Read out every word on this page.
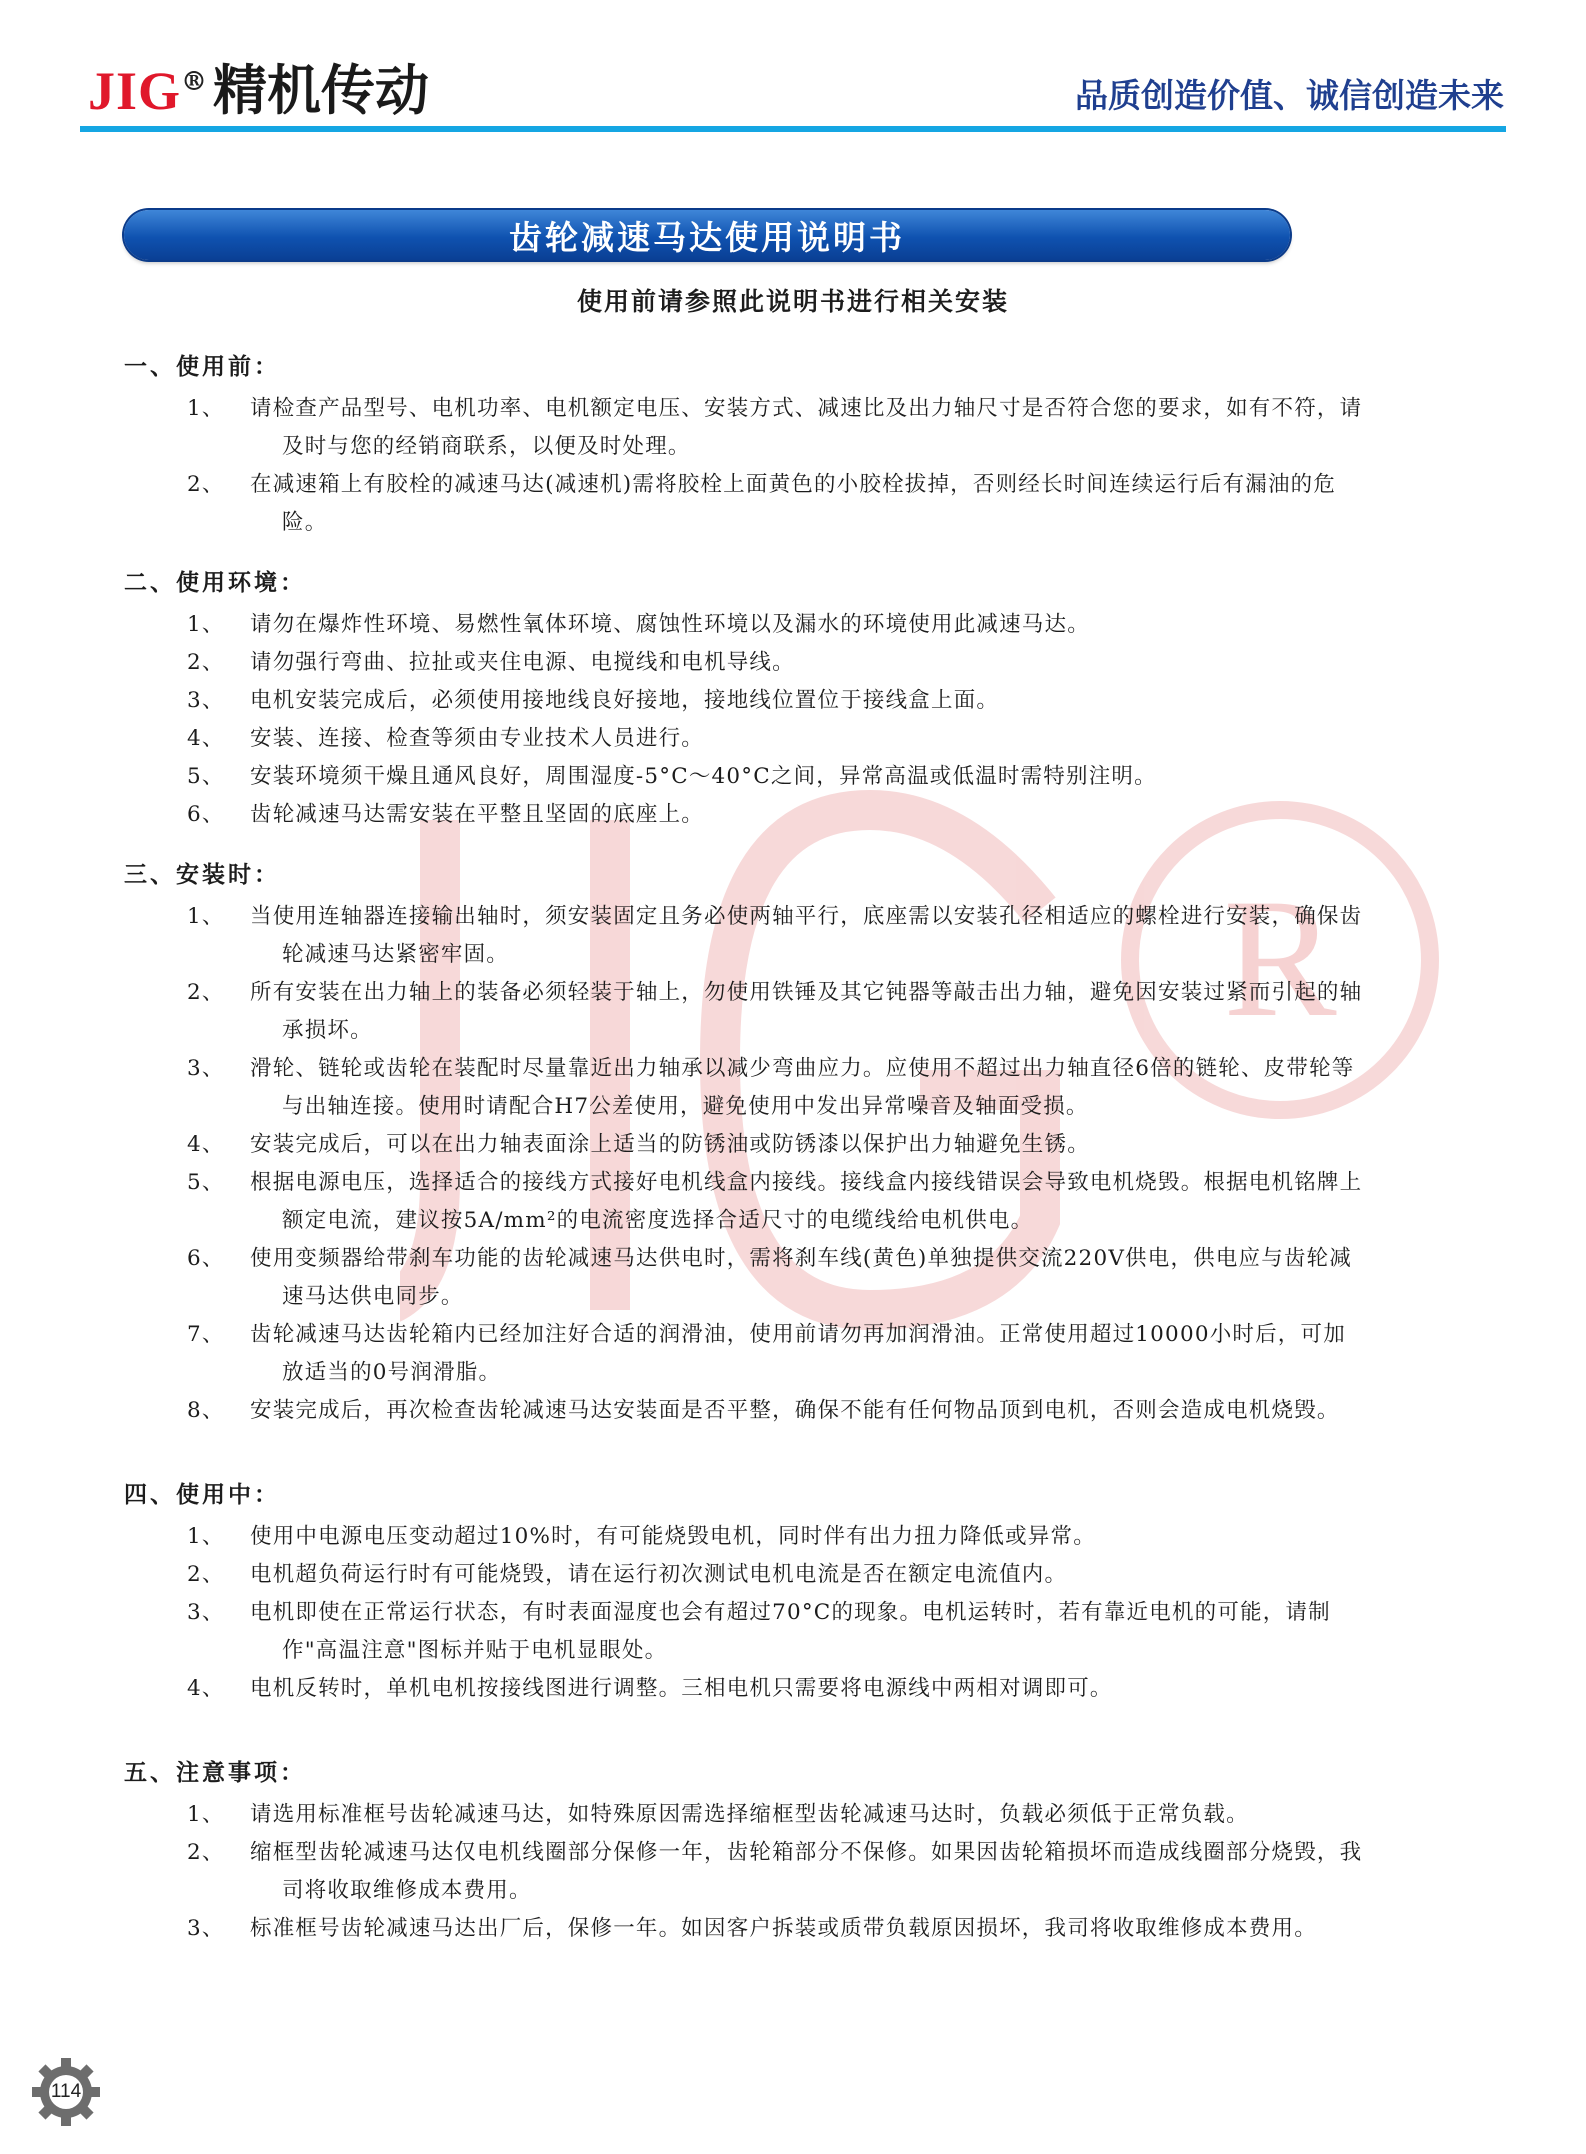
JIG® 精机传动	品质创造价值、诚信创造未来
R
齿轮减速马达使用说明书
使用前请参照此说明书进行相关安装
一、使用前：
1、 请检查产品型号、电机功率、电机额定电压、安装方式、减速比及出力轴尺寸是否符合您的要求，如有不符，请及时与您的经销商联系，以便及时处理。
2、 在减速箱上有胶栓的减速马达(减速机)需将胶栓上面黄色的小胶栓拔掉，否则经长时间连续运行后有漏油的危险。
二、使用环境：
1、 请勿在爆炸性环境、易燃性氧体环境、腐蚀性环境以及漏水的环境使用此减速马达。
2、 请勿强行弯曲、拉扯或夹住电源、电搅线和电机导线。
3、 电机安装完成后，必须使用接地线良好接地，接地线位置位于接线盒上面。
4、 安装、连接、检查等须由专业技术人员进行。
5、 安装环境须干燥且通风良好，周围湿度-5°C～40°C之间，异常高温或低温时需特别注明。
6、 齿轮减速马达需安装在平整且坚固的底座上。
三、安装时：
1、 当使用连轴器连接输出轴时，须安装固定且务必使两轴平行，底座需以安装孔径相适应的螺栓进行安装，确保齿轮减速马达紧密牢固。
2、 所有安装在出力轴上的装备必须轻装于轴上，勿使用铁锤及其它钝器等敲击出力轴，避免因安装过紧而引起的轴承损坏。
3、 滑轮、链轮或齿轮在装配时尽量靠近出力轴承以减少弯曲应力。应使用不超过出力轴直径6倍的链轮、皮带轮等与出轴连接。使用时请配合H7公差使用，避免使用中发出异常噪音及轴面受损。
4、 安装完成后，可以在出力轴表面涂上适当的防锈油或防锈漆以保护出力轴避免生锈。
5、 根据电源电压，选择适合的接线方式接好电机线盒内接线。接线盒内接线错误会导致电机烧毁。根据电机铭牌上额定电流，建议按5A/mm²的电流密度选择合适尺寸的电缆线给电机供电。
6、 使用变频器给带刹车功能的齿轮减速马达供电时，需将刹车线(黄色)单独提供交流220V供电，供电应与齿轮减速马达供电同步。
7、 齿轮减速马达齿轮箱内已经加注好合适的润滑油，使用前请勿再加润滑油。正常使用超过10000小时后，可加放适当的0号润滑脂。
8、 安装完成后，再次检查齿轮减速马达安装面是否平整，确保不能有任何物品顶到电机，否则会造成电机烧毁。
四、使用中：
1、 使用中电源电压变动超过10%时，有可能烧毁电机，同时伴有出力扭力降低或异常。
2、 电机超负荷运行时有可能烧毁，请在运行初次测试电机电流是否在额定电流值内。
3、 电机即使在正常运行状态，有时表面湿度也会有超过70°C的现象。电机运转时，若有靠近电机的可能，请制作"高温注意"图标并贴于电机显眼处。
4、 电机反转时，单机电机按接线图进行调整。三相电机只需要将电源线中两相对调即可。
五、注意事项：
1、 请选用标准框号齿轮减速马达，如特殊原因需选择缩框型齿轮减速马达时，负载必须低于正常负载。
2、 缩框型齿轮减速马达仅电机线圈部分保修一年，齿轮箱部分不保修。如果因齿轮箱损坏而造成线圈部分烧毁，我司将收取维修成本费用。
3、 标准框号齿轮减速马达出厂后，保修一年。如因客户拆装或质带负载原因损坏，我司将收取维修成本费用。
114
